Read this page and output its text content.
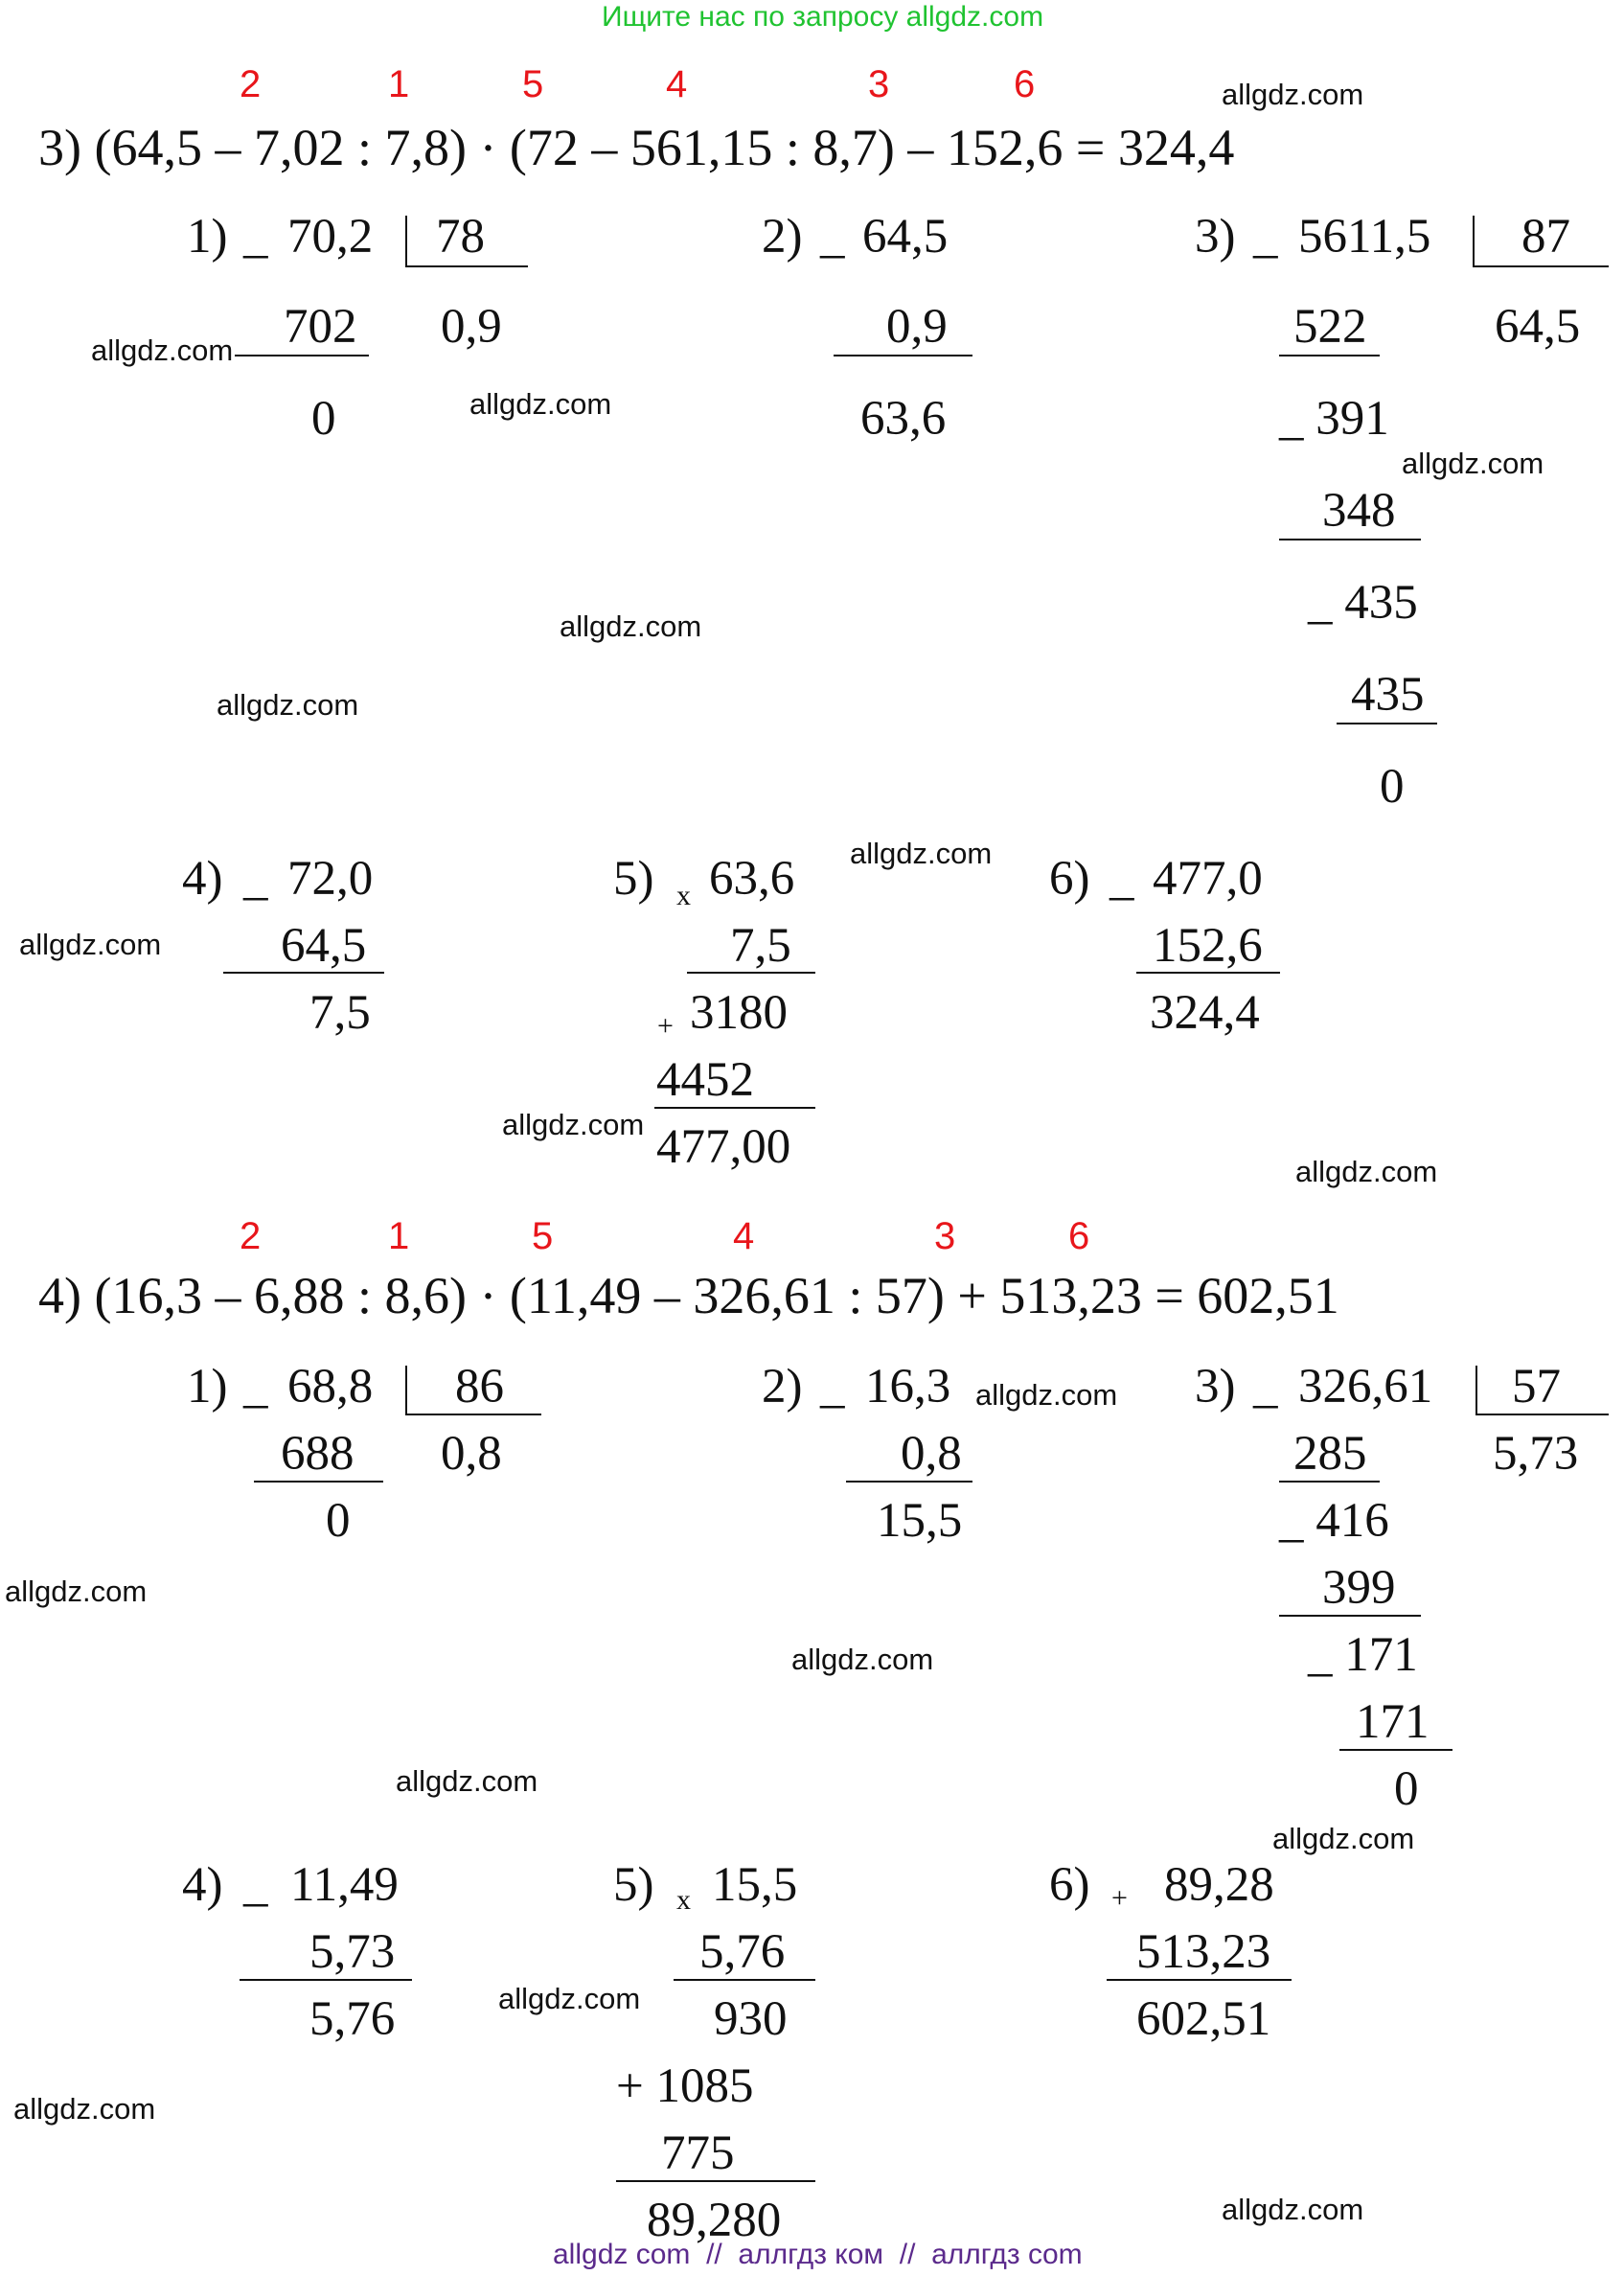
Ищите нас по запросу allgdz.com
2	1	5	4	3	6
3) (64,5 – 7,02 : 7,8) · (72 – 561,15 : 8,7) – 152,6 = 324,4
1) _ 70,2 78
702 0,9
0
2) _ 64,5
0,9
63,6
3) _ 5611,5 87
64,5
522
_ 391
348
_ 435
435
0
4) _ 72,0
64,5
7,5
5) x 63,6
7,5
+ 3180
4452
477,00
6) _ 477,0
152,6
324,4
2	1	5	4	3	6
4) (16,3 – 6,88 : 8,6) · (11,49 – 326,61 : 57) + 513,23 = 602,51
1) _ 68,8 86
688 0,8
0
2) _ 16,3
0,8
15,5
3) _ 326,61 57
5,73
285
_ 416
399
_ 171
171
0
4) _ 11,49
5,73
5,76
5) x 15,5
5,76
930
+ 1085
775
89,280
6) + 89,28
513,23
602,51
allgdz.com
allgdz.com
allgdz.com
allgdz.com
allgdz.com
allgdz.com
allgdz.com
allgdz.com
allgdz.com
allgdz.com
allgdz.com
allgdz.com
allgdz.com
allgdz.com
allgdz.com
allgdz.com
allgdz.com
allgdz.com
allgdz com  //  аллгдз ком  //  аллгдз com
